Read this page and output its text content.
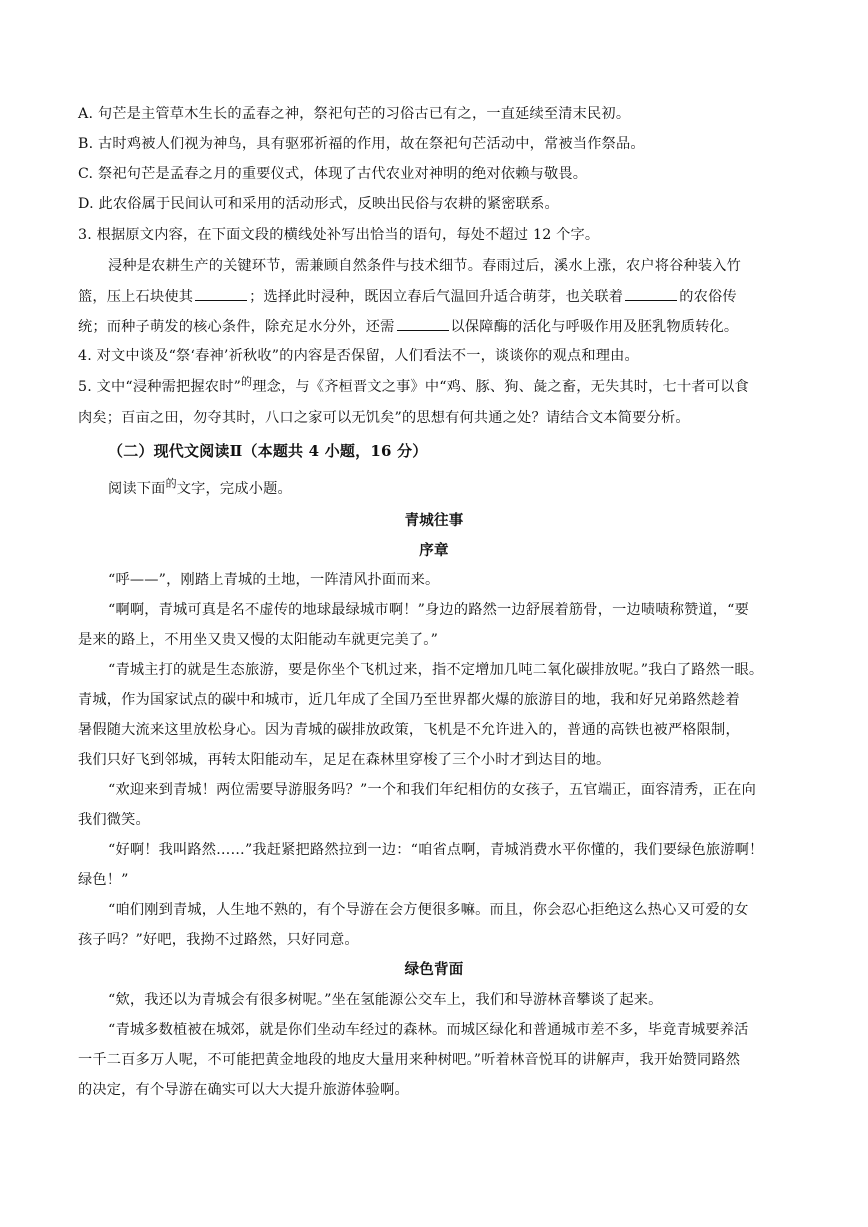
A. 句芒是主管草木生长的孟春之神，祭祀句芒的习俗古已有之，一直延续至清末民初。
B. 古时鸡被人们视为神鸟，具有驱邪祈福的作用，故在祭祀句芒活动中，常被当作祭品。
C. 祭祀句芒是孟春之月的重要仪式，体现了古代农业对神明的绝对依赖与敬畏。
D. 此农俗属于民间认可和采用的活动形式，反映出民俗与农耕的紧密联系。
3. 根据原文内容，在下面文段的横线处补写出恰当的语句，每处不超过 12 个字。
浸种是农耕生产的关键环节，需兼顾自然条件与技术细节。春雨过后，溪水上涨，农户将谷种装入竹
篮，压上石块使其	；选择此时浸种，既因立春后气温回升适合萌芽，也关联着	的农俗传
统；而种子萌发的核心条件，除充足水分外，还需	以保障酶的活化与呼吸作用及胚乳物质转化。
4. 对文中谈及“祭‘春神’祈秋收”的内容是否保留，人们看法不一，谈谈你的观点和理由。
5. 文中“浸种需把握农时”$^的$理念，与《齐桓晋文之事》中“鸡、豚、狗、彘之畜，无失其时，七十者可以食
肉矣；百亩之田，勿夺其时，八口之家可以无饥矣”的思想有何共通之处？请结合文本简要分析。
（二）现代文阅读Ⅱ（本题共 4 小题，16 分）
阅读下面$^的$文字，完成小题。
青城往事
序章
“呼——”，刚踏上青城的土地，一阵清风扑面而来。
“啊啊，青城可真是名不虚传的地球最绿城市啊！”身边的路然一边舒展着筋骨，一边啧啧称赞道，“要
是来的路上，不用坐又贵又慢的太阳能动车就更完美了。”
“青城主打的就是生态旅游，要是你坐个飞机过来，指不定增加几吨二氧化碳排放呢。”我白了路然一眼。
青城，作为国家试点的碳中和城市，近几年成了全国乃至世界都火爆的旅游目的地，我和好兄弟路然趁着
暑假随大流来这里放松身心。因为青城的碳排放政策，飞机是不允许进入的，普通的高铁也被严格限制，
我们只好飞到邻城，再转太阳能动车，足足在森林里穿梭了三个小时才到达目的地。
“欢迎来到青城！两位需要导游服务吗？”一个和我们年纪相仿的女孩子，五官端正，面容清秀，正在向
我们微笑。
“好啊！我叫路然……”我赶紧把路然拉到一边：“咱省点啊，青城消费水平你懂的，我们要绿色旅游啊！
绿色！”
“咱们刚到青城，人生地不熟的，有个导游在会方便很多嘛。而且，你会忍心拒绝这么热心又可爱的女
孩子吗？”好吧，我拗不过路然，只好同意。
绿色背面
“欸，我还以为青城会有很多树呢。”坐在氢能源公交车上，我们和导游林音攀谈了起来。
“青城多数植被在城郊，就是你们坐动车经过的森林。而城区绿化和普通城市差不多，毕竟青城要养活
一千二百多万人呢，不可能把黄金地段的地皮大量用来种树吧。”听着林音悦耳的讲解声，我开始赞同路然
的决定，有个导游在确实可以大大提升旅游体验啊。
